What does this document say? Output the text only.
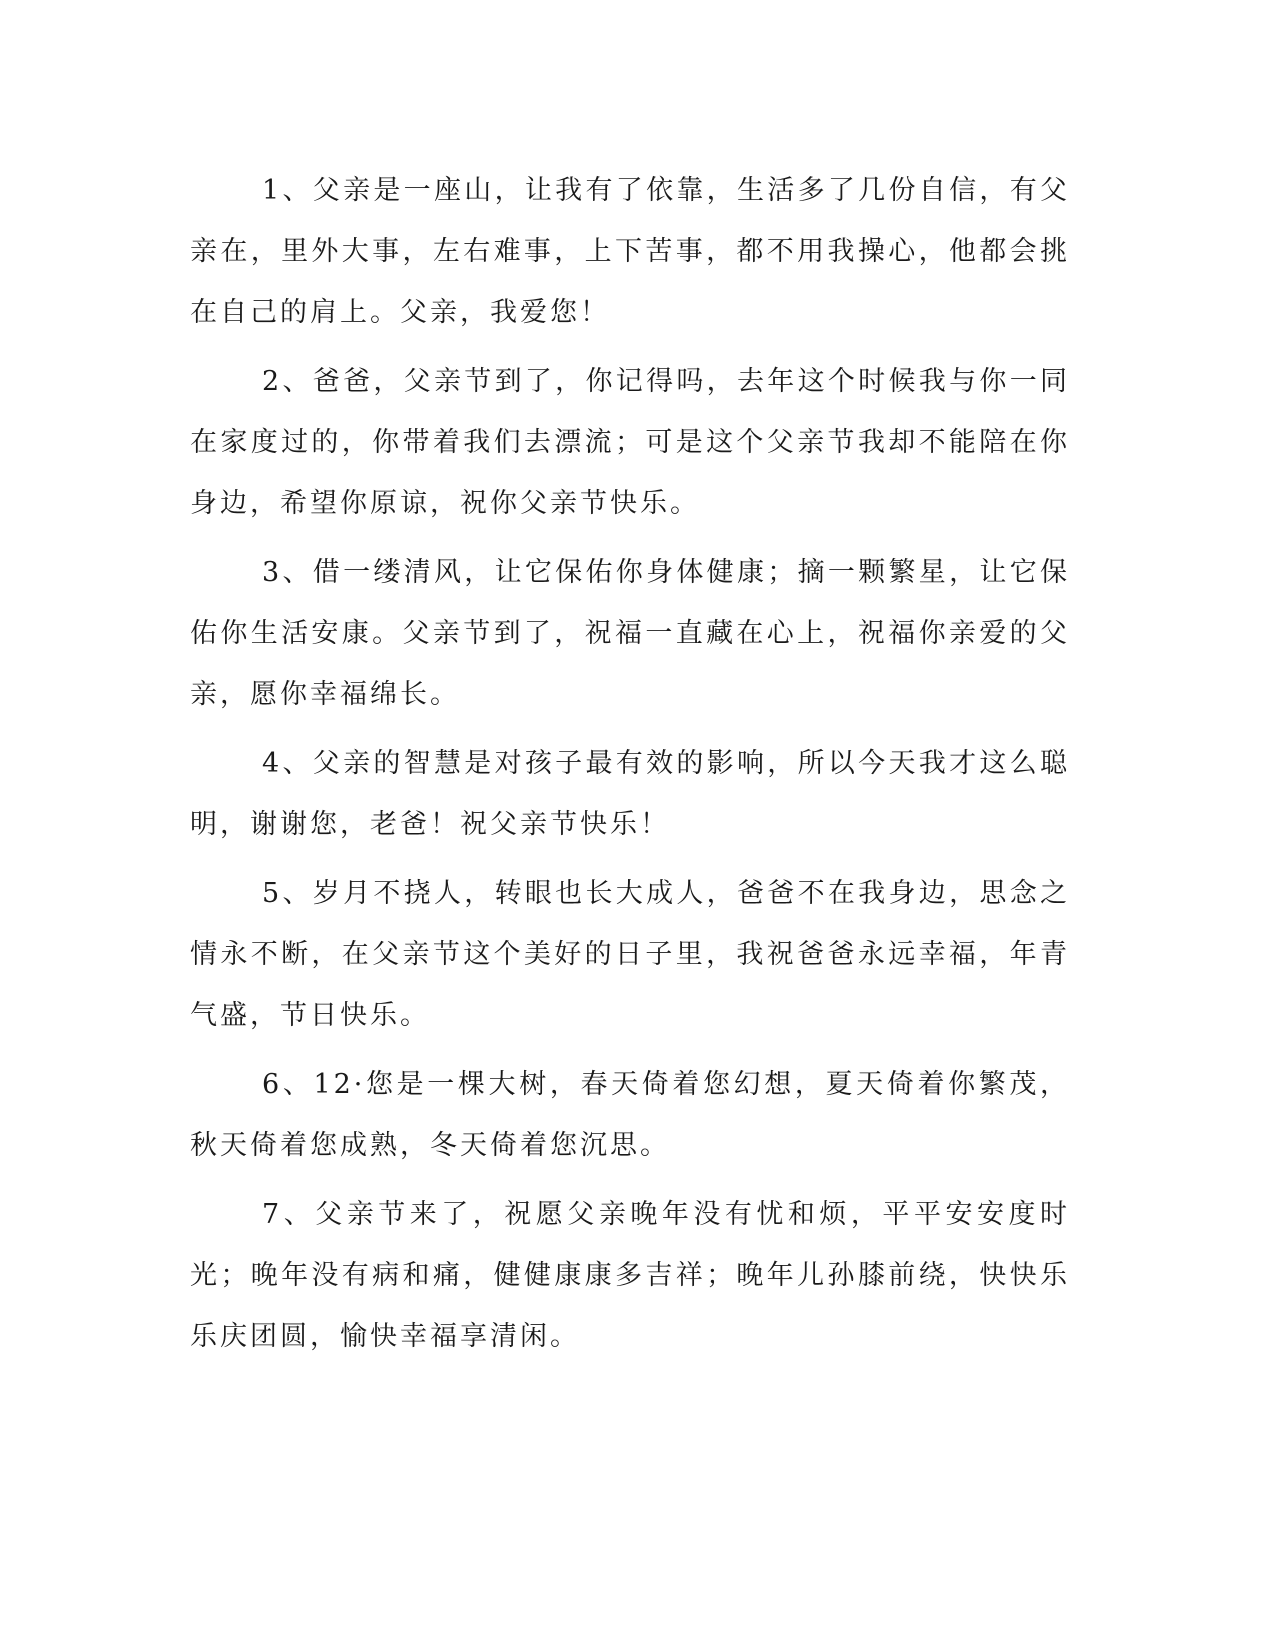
1、父亲是一座山，让我有了依靠，生活多了几份自信，有父亲在，里外大事，左右难事，上下苦事，都不用我操心，他都会挑在自己的肩上。父亲，我爱您！

2、爸爸，父亲节到了，你记得吗，去年这个时候我与你一同在家度过的，你带着我们去漂流；可是这个父亲节我却不能陪在你身边，希望你原谅，祝你父亲节快乐。

3、借一缕清风，让它保佑你身体健康；摘一颗繁星，让它保佑你生活安康。父亲节到了，祝福一直藏在心上，祝福你亲爱的父亲，愿你幸福绵长。

4、父亲的智慧是对孩子最有效的影响，所以今天我才这么聪明，谢谢您，老爸！祝父亲节快乐！

5、岁月不挠人，转眼也长大成人，爸爸不在我身边，思念之情永不断，在父亲节这个美好的日子里，我祝爸爸永远幸福，年青气盛，节日快乐。

6、12·您是一棵大树，春天倚着您幻想，夏天倚着你繁茂，秋天倚着您成熟，冬天倚着您沉思。

7、父亲节来了，祝愿父亲晚年没有忧和烦，平平安安度时光；晚年没有病和痛，健健康康多吉祥；晚年儿孙膝前绕，快快乐乐庆团圆，愉快幸福享清闲。
